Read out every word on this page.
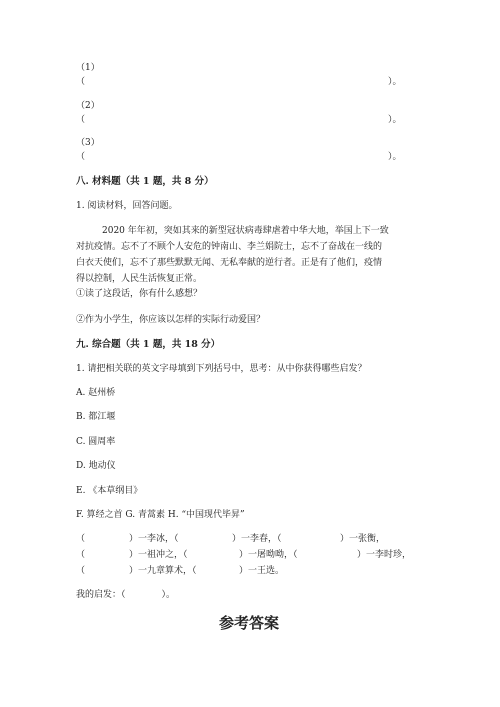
（1）
（	）。
（2）
（	）。
（3）
（	）。
八. 材料题（共 1 题，共 8 分）
1. 阅读材料，回答问题。
2020 年年初，突如其来的新型冠状病毒肆虐着中华大地，举国上下一致
对抗疫情。忘不了不顾个人安危的钟南山、李兰娟院士，忘不了奋战在一线的
白衣天使们，忘不了那些默默无闻、无私奉献的逆行者。正是有了他们，疫情
得以控制，人民生活恢复正常。
①读了这段话，你有什么感想？
②作为小学生，你应该以怎样的实际行动爱国？
九. 综合题（共 1 题，共 18 分）
1. 请把相关联的英文字母填到下列括号中，思考：从中你获得哪些启发？
A. 赵州桥
B. 都江堰
C. 圆周率
D. 地动仪
E. 《本草纲目》
F. 算经之首 G. 青蒿素 H. “中国现代毕昇”
（	）一李冰，（	）一李春，（	）一张衡，
（	）一祖冲之，（	）一屠呦呦，（	）一李时珍，
（	）一九章算术，（	）一王选。
我的启发：（　　　　）。
参考答案
